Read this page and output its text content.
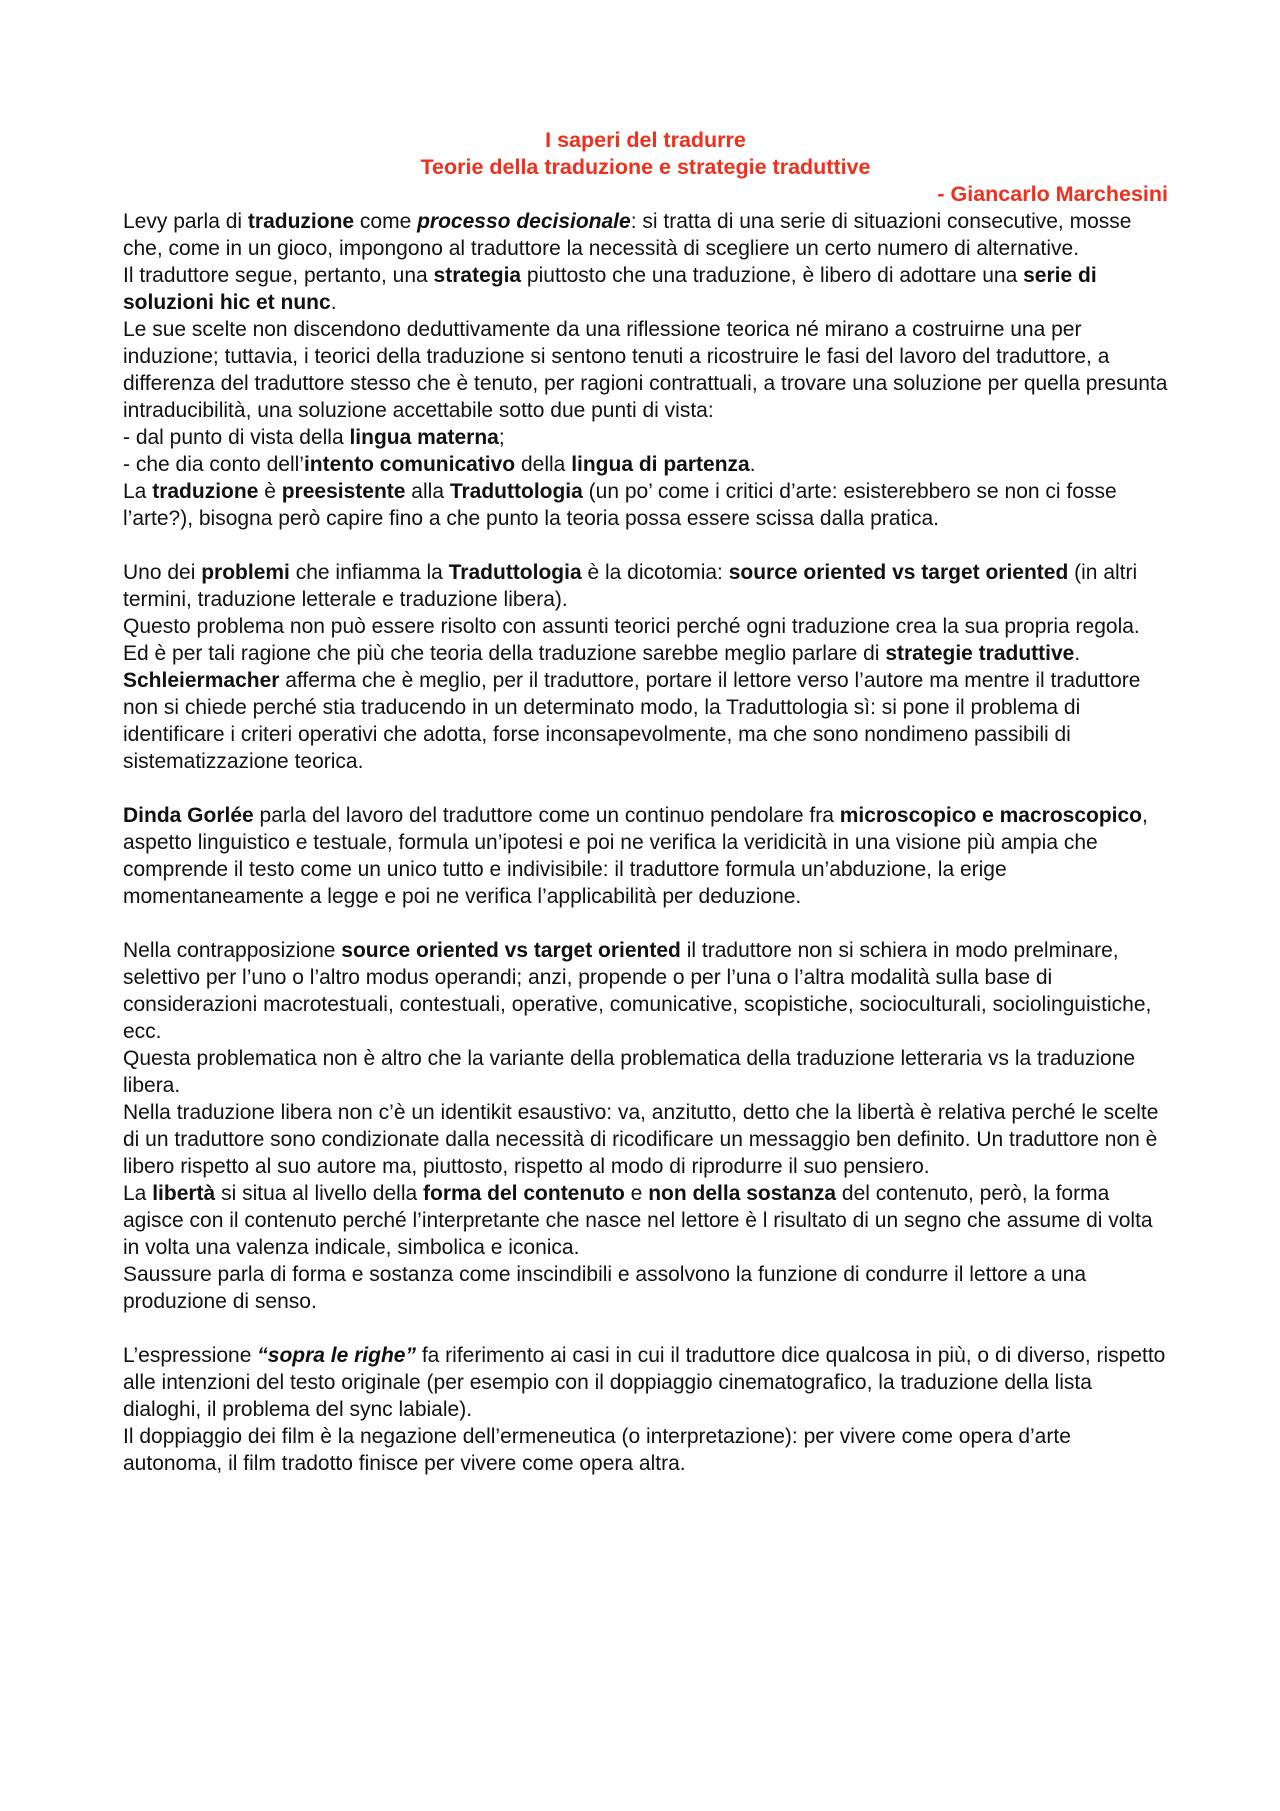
I saperi del tradurre
Teorie della traduzione e strategie traduttive
- Giancarlo Marchesini

Levy parla di traduzione come processo decisionale: si tratta di una serie di situazioni consecutive, mosse che, come in un gioco, impongono al traduttore la necessità di scegliere un certo numero di alternative.

Il traduttore segue, pertanto, una strategia piuttosto che una traduzione, è libero di adottare una serie di soluzioni hic et nunc.

Le sue scelte non discendono deduttivamente da una riflessione teorica né mirano a costruirne una per induzione; tuttavia, i teorici della traduzione si sentono tenuti a ricostruire le fasi del lavoro del traduttore, a differenza del traduttore stesso che è tenuto, per ragioni contrattuali, a trovare una soluzione per quella presunta intraducibilità, una soluzione accettabile sotto due punti di vista:

- dal punto di vista della lingua materna;

- che dia conto dell’intento comunicativo della lingua di partenza.

La traduzione è preesistente alla Traduttologia (un po’ come i critici d’arte: esisterebbero se non ci fosse l’arte?), bisogna però capire fino a che punto la teoria possa essere scissa dalla pratica.

Uno dei problemi che infiamma la Traduttologia è la dicotomia: source oriented vs target oriented (in altri termini, traduzione letterale e traduzione libera).

Questo problema non può essere risolto con assunti teorici perché ogni traduzione crea la sua propria regola.

Ed è per tali ragione che più che teoria della traduzione sarebbe meglio parlare di strategie traduttive.

Schleiermacher afferma che è meglio, per il traduttore, portare il lettore verso l’autore ma mentre il traduttore non si chiede perché stia traducendo in un determinato modo, la Traduttologia sì: si pone il problema di identificare i criteri operativi che adotta, forse inconsapevolmente, ma che sono nondimeno passibili di sistematizzazione teorica.

Dinda Gorlée parla del lavoro del traduttore come un continuo pendolare fra microscopico e macroscopico, aspetto linguistico e testuale, formula un’ipotesi e poi ne verifica la veridicità in una visione più ampia che comprende il testo come un unico tutto e indivisibile: il traduttore formula un’abduzione, la erige momentaneamente a legge e poi ne verifica l’applicabilità per deduzione.

Nella contrapposizione source oriented vs target oriented il traduttore non si schiera in modo prelminare, selettivo per l’uno o l’altro modus operandi; anzi, propende o per l’una o l’altra modalità sulla base di considerazioni macrotestuali, contestuali, operative, comunicative, scopistiche, socioculturali, sociolinguistiche, ecc.

Questa problematica non è altro che la variante della problematica della traduzione letteraria vs la traduzione libera.

Nella traduzione libera non c’è un identikit esaustivo: va, anzitutto, detto che la libertà è relativa perché le scelte di un traduttore sono condizionate dalla necessità di ricodificare un messaggio ben definito. Un traduttore non è libero rispetto al suo autore ma, piuttosto, rispetto al modo di riprodurre il suo pensiero.

La libertà si situa al livello della forma del contenuto e non della sostanza del contenuto, però, la forma agisce con il contenuto perché l’interpretante che nasce nel lettore è l risultato di un segno che assume di volta in volta una valenza indicale, simbolica e iconica.

Saussure parla di forma e sostanza come inscindibili e assolvono la funzione di condurre il lettore a una produzione di senso.

L’espressione “sopra le righe” fa riferimento ai casi in cui il traduttore dice qualcosa in più, o di diverso, rispetto alle intenzioni del testo originale (per esempio con il doppiaggio cinematografico, la traduzione della lista dialoghi, il problema del sync labiale).

Il doppiaggio dei film è la negazione dell’ermeneutica (o interpretazione): per vivere come opera d’arte autonoma, il film tradotto finisce per vivere come opera altra.
